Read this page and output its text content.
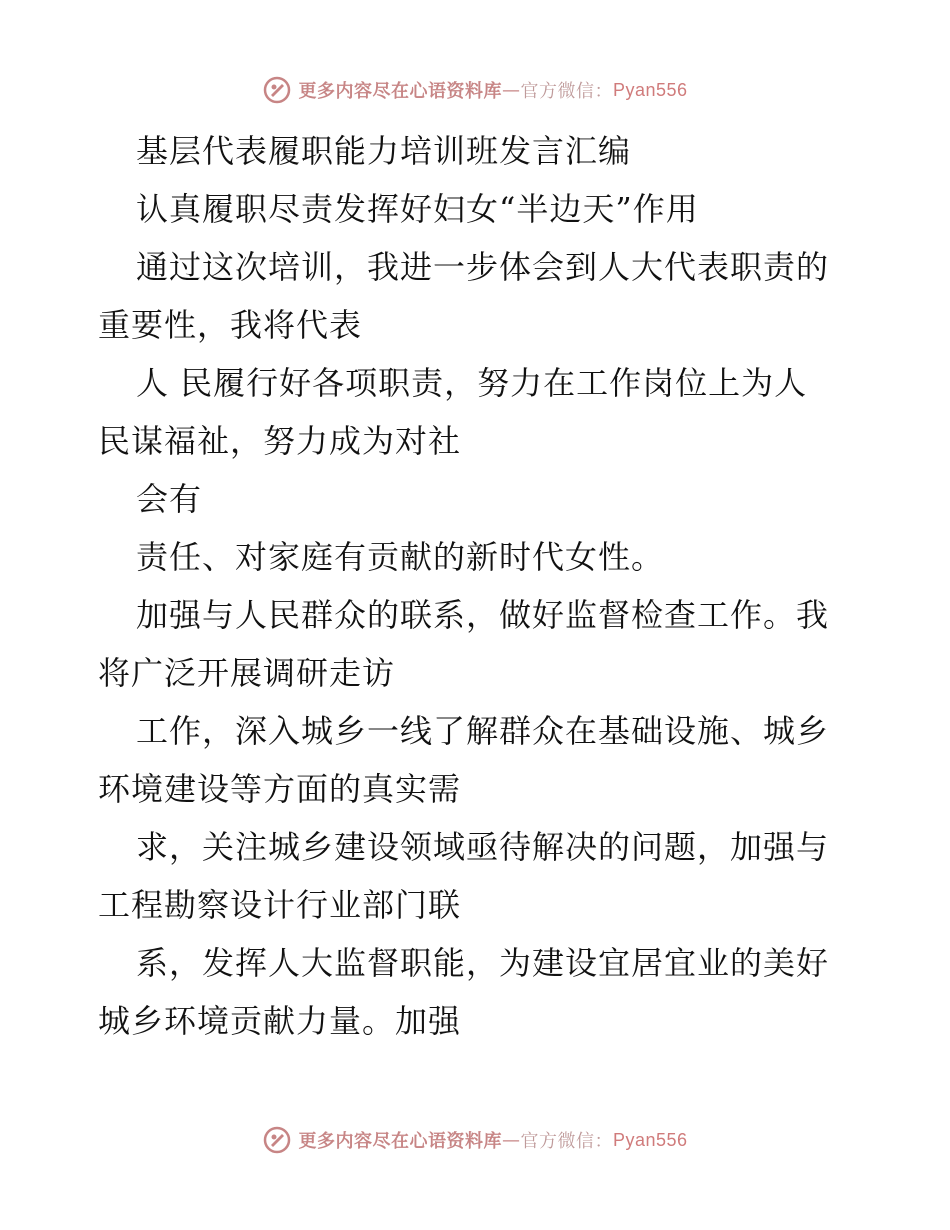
更多内容尽在心语资料库 — 官方微信： Pyan556
基层代表履职能力培训班发言汇编
认真履职尽责发挥好妇女“半边天”作用
通过这次培训，我进一步体会到人大代表职责的
重要性，我将代表
人 民履行好各项职责，努力在工作岗位上为人
民谋福祉，努力成为对社
会有
责任、对家庭有贡献的新时代女性。
加强与人民群众的联系，做好监督检查工作。我
将广泛开展调研走访
工作，深入城乡一线了解群众在基础设施、城乡
环境建设等方面的真实需
求，关注城乡建设领域亟待解决的问题，加强与
工程勘察设计行业部门联
系，发挥人大监督职能，为建设宜居宜业的美好
城乡环境贡献力量。加强
更多内容尽在心语资料库 — 官方微信： Pyan556
